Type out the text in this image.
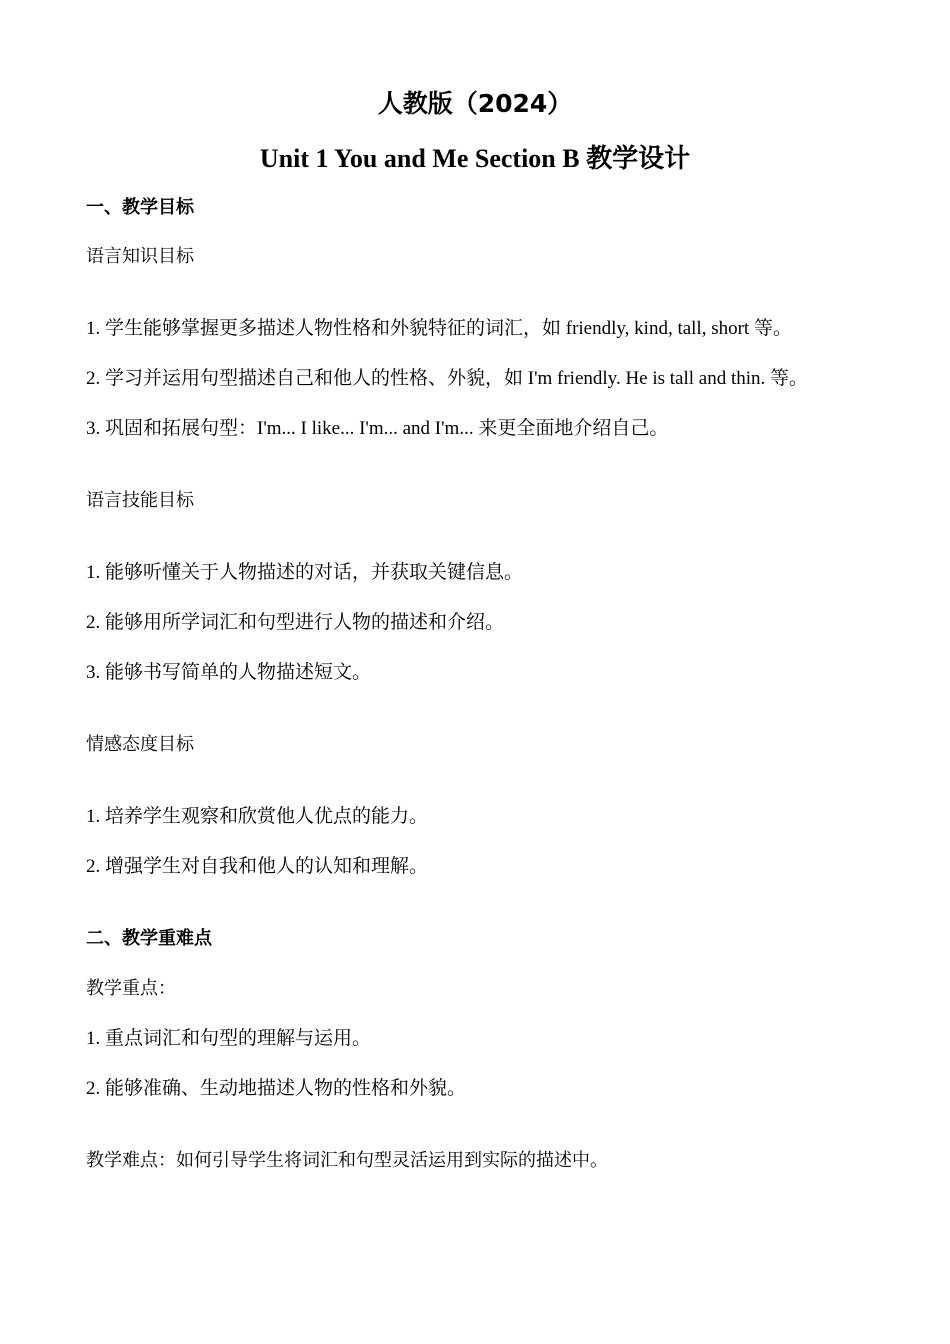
人教版（2024）
Unit 1 You and Me Section B 教学设计
一、教学目标
语言知识目标
1. 学生能够掌握更多描述人物性格和外貌特征的词汇，如 friendly, kind, tall, short 等。
2. 学习并运用句型描述自己和他人的性格、外貌，如 I'm friendly. He is tall and thin. 等。
3. 巩固和拓展句型：I'm... I like... I'm... and I'm... 来更全面地介绍自己。
语言技能目标
1. 能够听懂关于人物描述的对话，并获取关键信息。
2. 能够用所学词汇和句型进行人物的描述和介绍。
3. 能够书写简单的人物描述短文。
情感态度目标
1. 培养学生观察和欣赏他人优点的能力。
2. 增强学生对自我和他人的认知和理解。
二、教学重难点
教学重点：
1. 重点词汇和句型的理解与运用。
2. 能够准确、生动地描述人物的性格和外貌。
教学难点：如何引导学生将词汇和句型灵活运用到实际的描述中。
